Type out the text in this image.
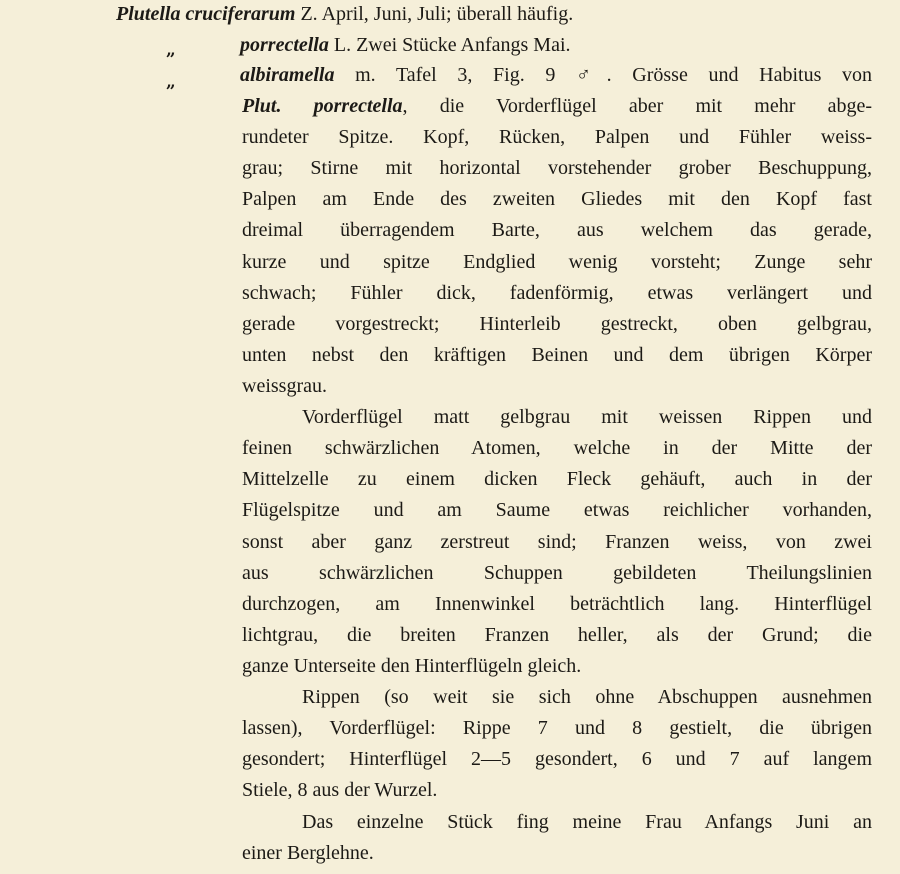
Plutella cruciferarum Z. April, Juni, Juli; überall häufig.
„	porrectella L. Zwei Stücke Anfangs Mai.
„	albiramella m. Tafel 3, Fig. 9 ♂. Grösse und Habitus von
Plut. porrectella, die Vorderflügel aber mit mehr abge-
rundeter Spitze. Kopf, Rücken, Palpen und Fühler weiss-
grau; Stirne mit horizontal vorstehender grober Beschuppung,
Palpen am Ende des zweiten Gliedes mit den Kopf fast
dreimal überragendem Barte, aus welchem das gerade,
kurze und spitze Endglied wenig vorsteht; Zunge sehr
schwach; Fühler dick, fadenförmig, etwas verlängert und
gerade vorgestreckt; Hinterleib gestreckt, oben gelbgrau,
unten nebst den kräftigen Beinen und dem übrigen Körper
weissgrau.
Vorderflügel matt gelbgrau mit weissen Rippen und
feinen schwärzlichen Atomen, welche in der Mitte der
Mittelzelle zu einem dicken Fleck gehäuft, auch in der
Flügelspitze und am Saume etwas reichlicher vorhanden,
sonst aber ganz zerstreut sind; Franzen weiss, von zwei
aus schwärzlichen Schuppen gebildeten Theilungslinien
durchzogen, am Innenwinkel beträchtlich lang. Hinterflügel
lichtgrau, die breiten Franzen heller, als der Grund; die
ganze Unterseite den Hinterflügeln gleich.
Rippen (so weit sie sich ohne Abschuppen ausnehmen
lassen), Vorderflügel: Rippe 7 und 8 gestielt, die übrigen
gesondert; Hinterflügel 2—5 gesondert, 6 und 7 auf langem
Stiele, 8 aus der Wurzel.
Das einzelne Stück fing meine Frau Anfangs Juni an
einer Berglehne.
